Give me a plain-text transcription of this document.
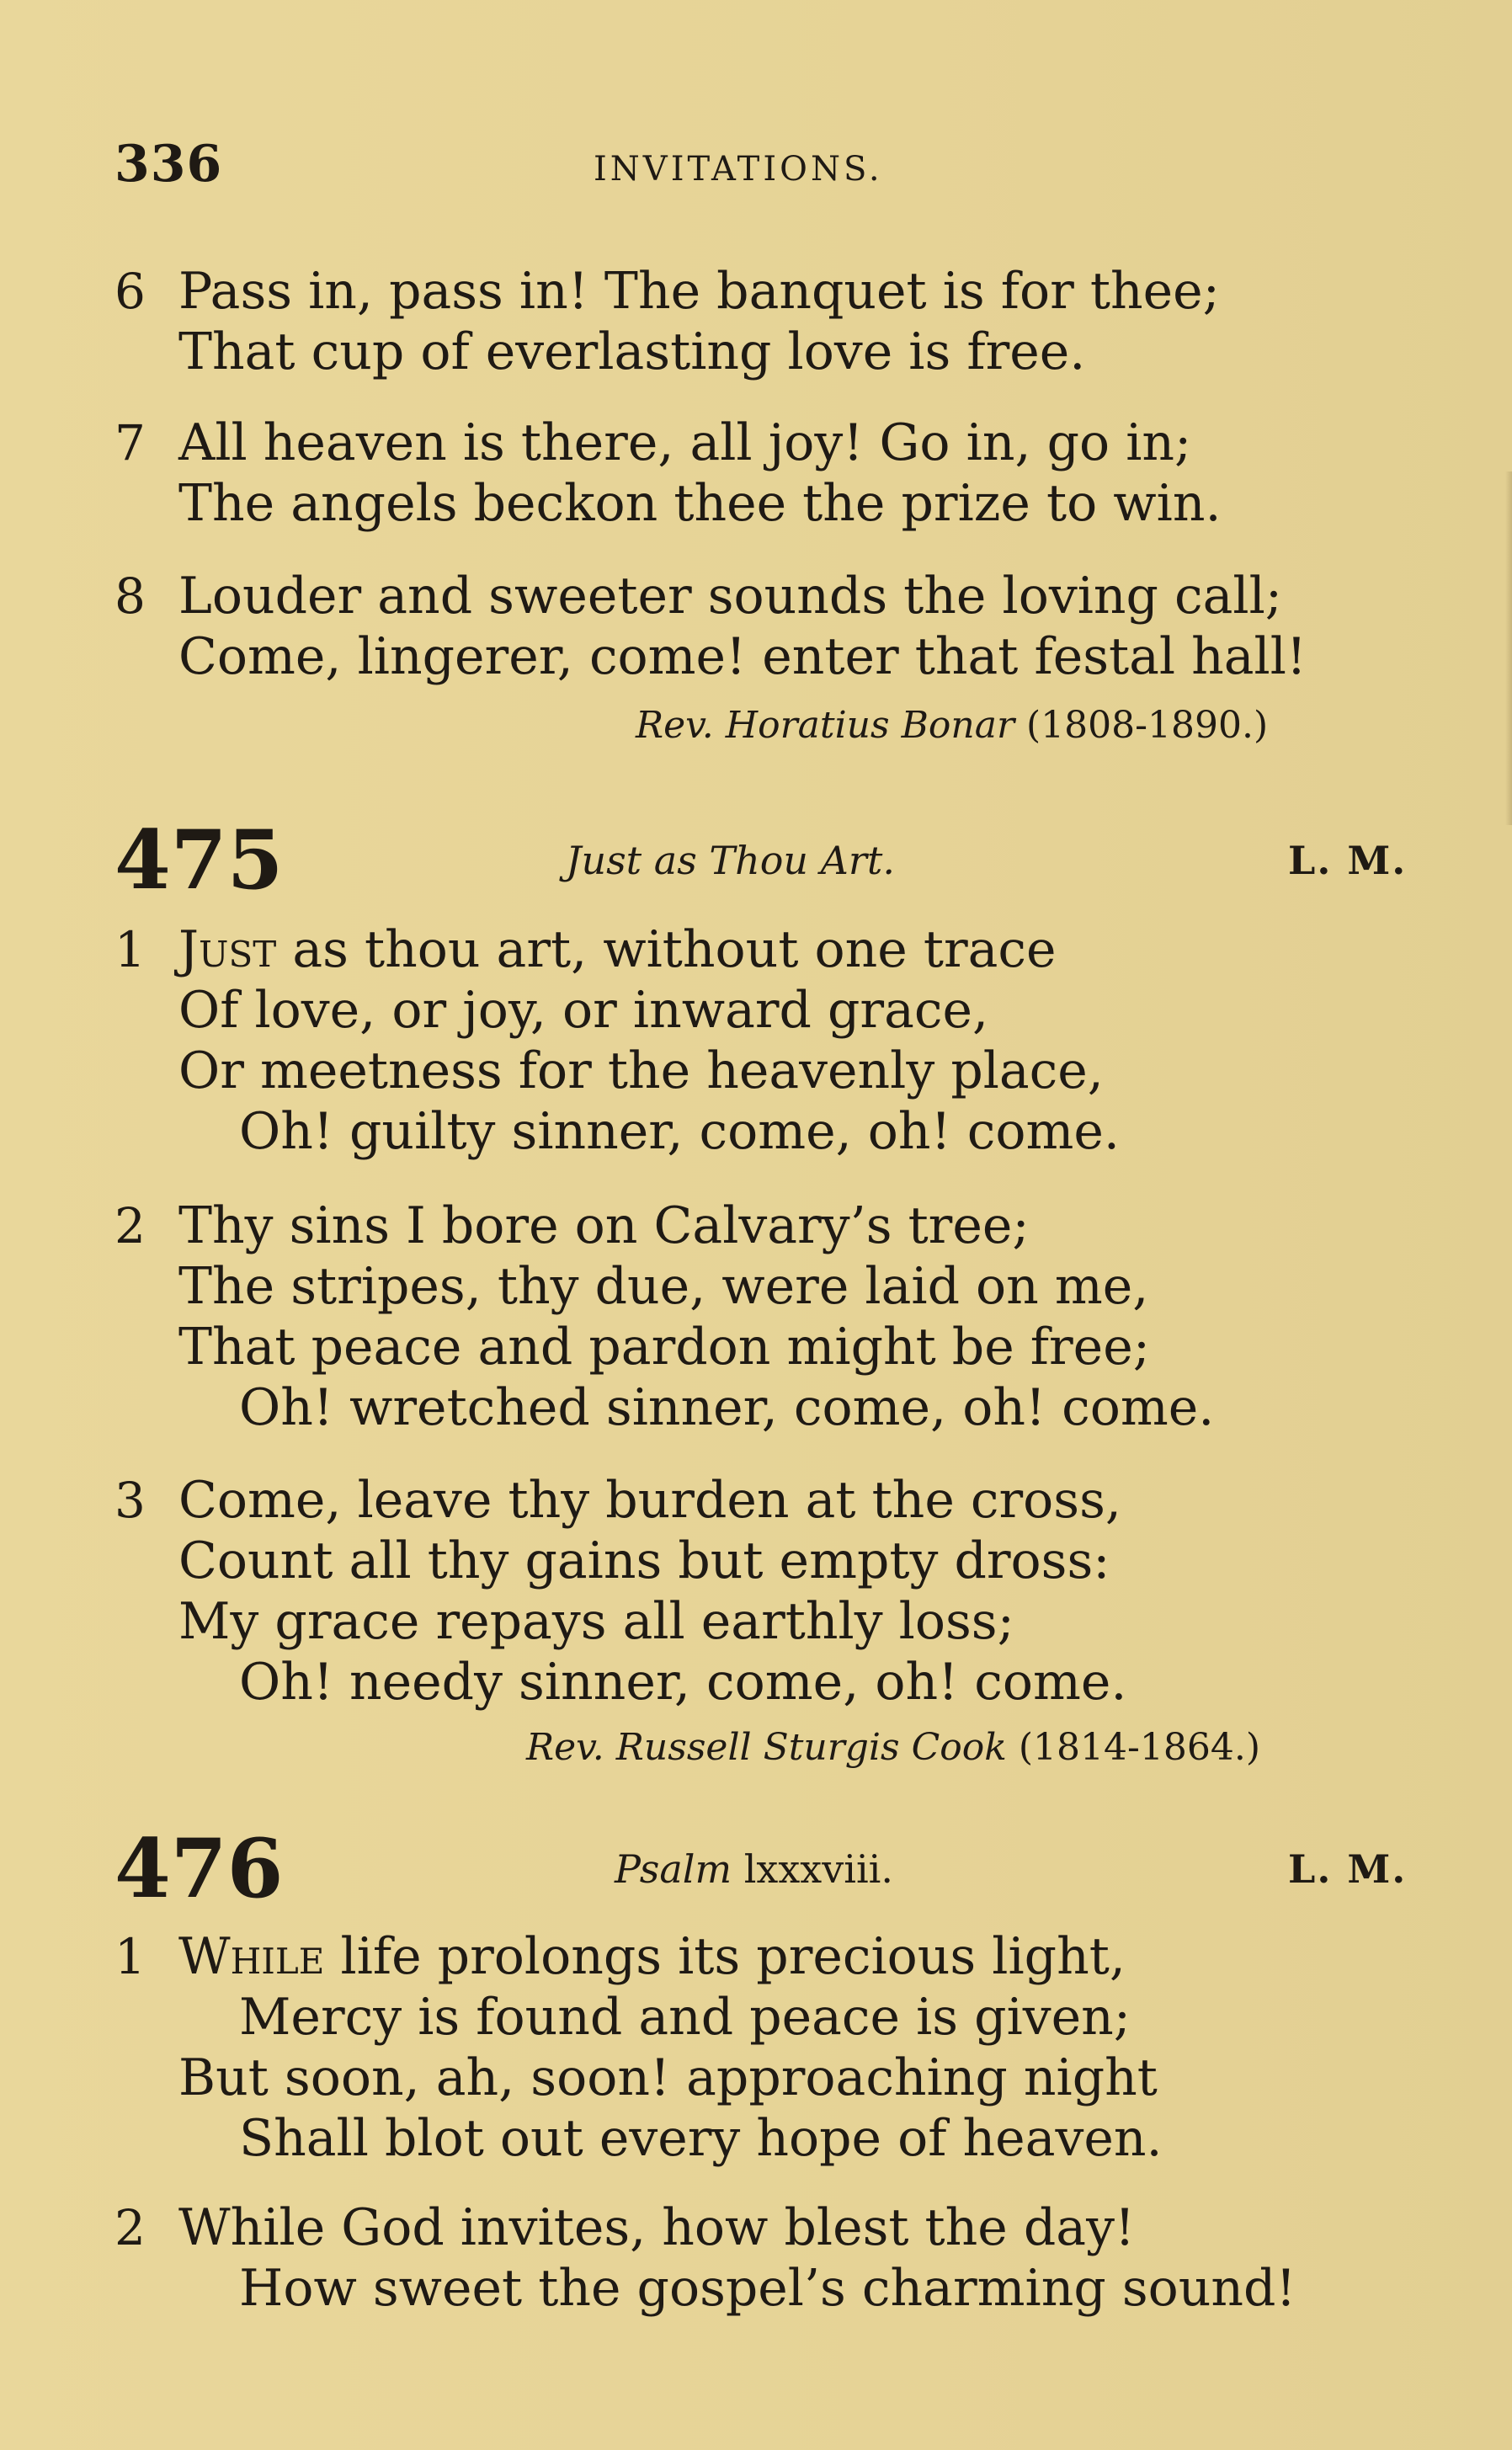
336	INVITATIONS.
6 Pass in, pass in! The banquet is for thee;
That cup of everlasting love is free.
7 All heaven is there, all joy! Go in, go in;
The angels beckon thee the prize to win.
8 Louder and sweeter sounds the loving call;
Come, lingerer, come! enter that festal hall!
Rev. Horatius Bonar (1808-1890.)
475	Just as Thou Art.	L. M.
1 Just as thou art, without one trace
Of love, or joy, or inward grace,
Or meetness for the heavenly place,
Oh! guilty sinner, come, oh! come.
2 Thy sins I bore on Calvary’s tree;
The stripes, thy due, were laid on me,
That peace and pardon might be free;
Oh! wretched sinner, come, oh! come.
3 Come, leave thy burden at the cross,
Count all thy gains but empty dross:
My grace repays all earthly loss;
Oh! needy sinner, come, oh! come.
Rev. Russell Sturgis Cook (1814-1864.)
476	Psalm lxxxviii.	L. M.
1 While life prolongs its precious light,
Mercy is found and peace is given;
But soon, ah, soon! approaching night
Shall blot out every hope of heaven.
2 While God invites, how blest the day!
How sweet the gospel’s charming sound!
